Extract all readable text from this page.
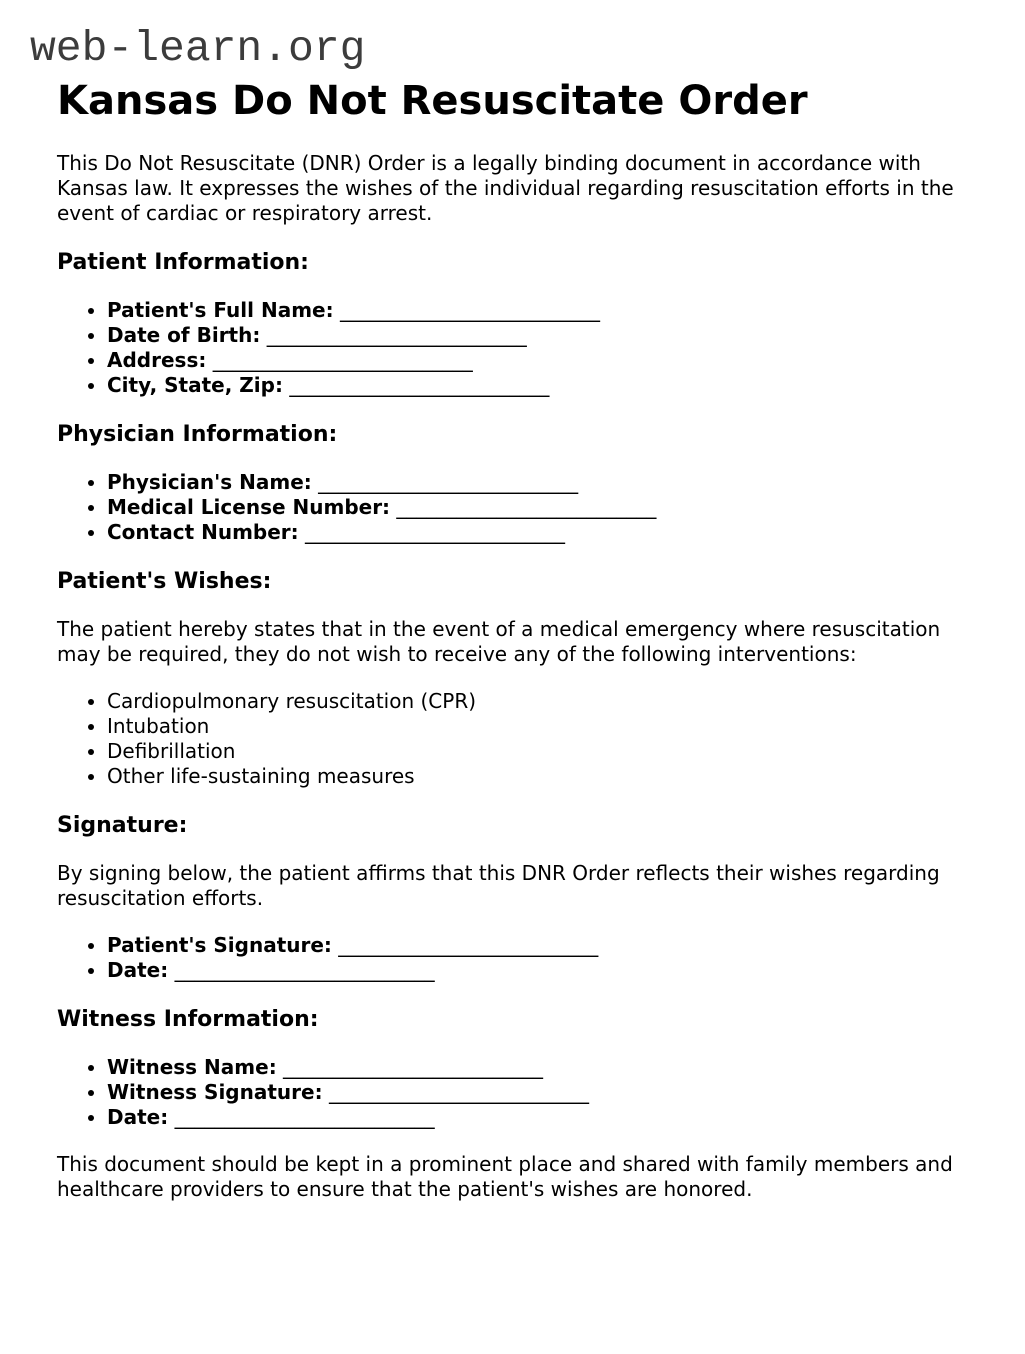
web-learn.org
Kansas Do Not Resuscitate Order

This Do Not Resuscitate (DNR) Order is a legally binding document in accordance with Kansas law. It expresses the wishes of the individual regarding resuscitation efforts in the event of cardiac or respiratory arrest.

Patient Information:
• Patient's Full Name: __________________________
• Date of Birth: __________________________
• Address: __________________________
• City, State, Zip: __________________________
Physician Information:
• Physician's Name: __________________________
• Medical License Number: __________________________
• Contact Number: __________________________
Patient's Wishes:

The patient hereby states that in the event of a medical emergency where resuscitation may be required, they do not wish to receive any of the following interventions:

• Cardiopulmonary resuscitation (CPR)
• Intubation
• Defibrillation
• Other life-sustaining measures
Signature:

By signing below, the patient affirms that this DNR Order reflects their wishes regarding resuscitation efforts.

• Patient's Signature: __________________________
• Date: __________________________
Witness Information:
• Witness Name: __________________________
• Witness Signature: __________________________
• Date: __________________________

This document should be kept in a prominent place and shared with family members and healthcare providers to ensure that the patient's wishes are honored.
